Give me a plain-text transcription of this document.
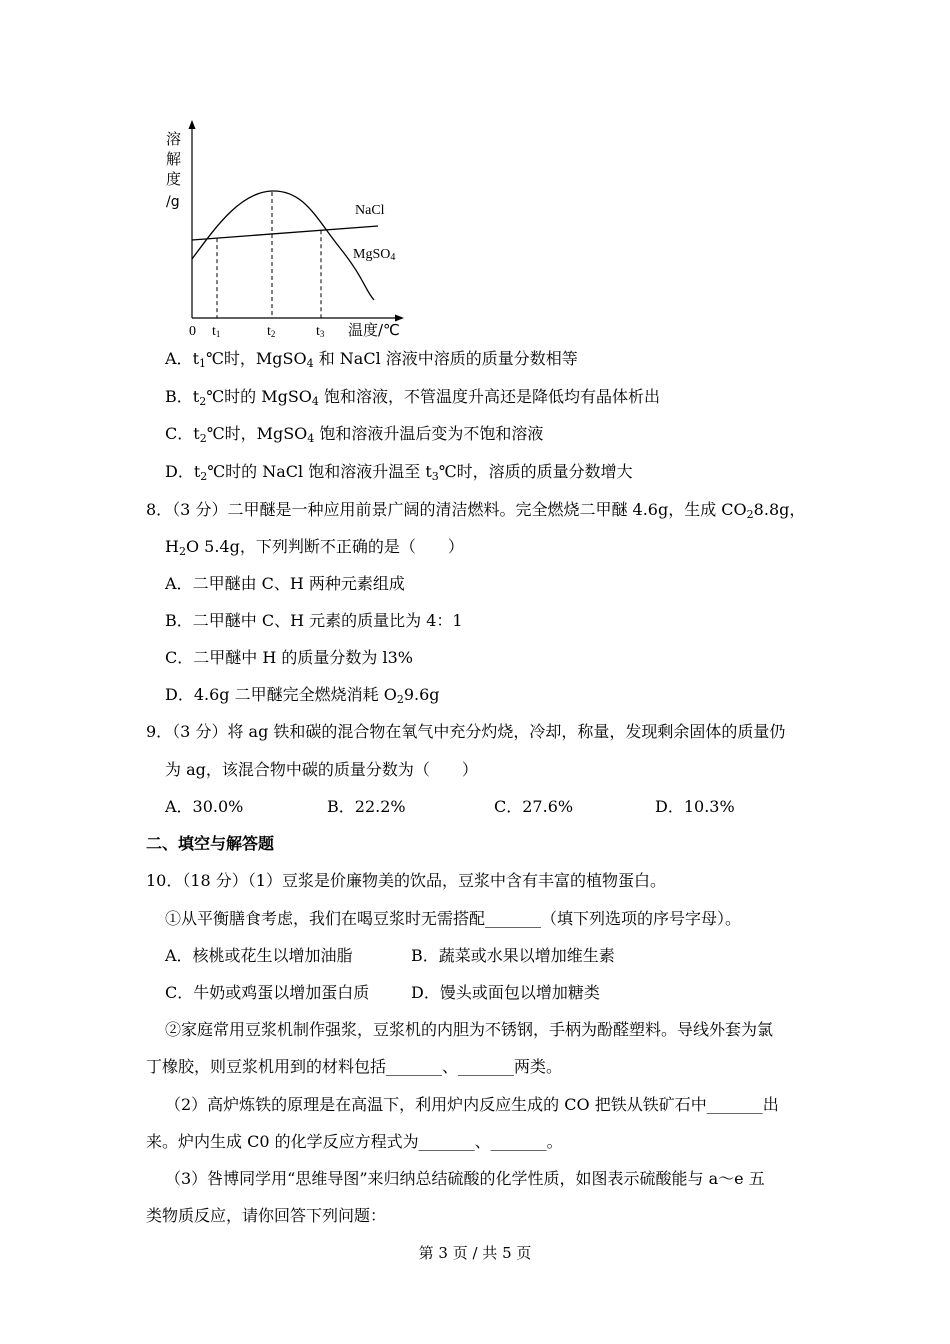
溶
解
度
/g
NaCl
MgSO4
0 t1	t2	t3 温度/℃
A．$t_1℃$时，MgSO$_4$ 和 NaCl 溶液中溶质的质量分数相等
B．$t_2℃$时的 MgSO$_4$ 饱和溶液，不管温度升高还是降低均有晶体析出
C．$t_2℃$时，MgSO$_4$ 饱和溶液升温后变为不饱和溶液
D．$t_2℃$时的 NaCl 饱和溶液升温至 $t_3℃$时，溶质的质量分数增大
8．（3 分）二甲醚是一种应用前景广阔的清洁燃料。完全燃烧二甲醚 4.6g，生成 $CO_28.8g$，
$H_2O$ 5.4g，下列判断不正确的是（　　）
A．二甲醚由 C、H 两种元素组成
B．二甲醚中 C、H 元素的质量比为 4：1
C．二甲醚中 H 的质量分数为 l3%
D．4.6g 二甲醚完全燃烧消耗 $O_29.6g$
9．（3 分）将 ag 铁和碳的混合物在氧气中充分灼烧，冷却，称量，发现剩余固体的质量仍
为 ag，该混合物中碳的质量分数为（　　）
A．30.0%	B．22.2%	C．27.6%	D．10.3%
二、填空与解答题
10．（18 分）（1）豆浆是价廉物美的饮品，豆浆中含有丰富的植物蛋白。
①从平衡膳食考虑，我们在喝豆浆时无需搭配_______（填下列选项的序号字母）。
A．核桃或花生以增加油脂	B．蔬菜或水果以增加维生素
C．牛奶或鸡蛋以增加蛋白质	D．馒头或面包以增加糖类
②家庭常用豆浆机制作强浆，豆浆机的内胆为不锈钢，手柄为酚醛塑料。导线外套为氯
丁橡胶，则豆浆机用到的材料包括_______、_______两类。
（2）高炉炼铁的原理是在高温下，利用炉内反应生成的 CO 把铁从铁矿石中_______出
来。炉内生成 C0 的化学反应方程式为_______、_______。
（3）咎博同学用“思维导图”来归纳总结硫酸的化学性质，如图表示硫酸能与 a～e 五
类物质反应，请你回答下列问题：
第 3 页 / 共 5 页
